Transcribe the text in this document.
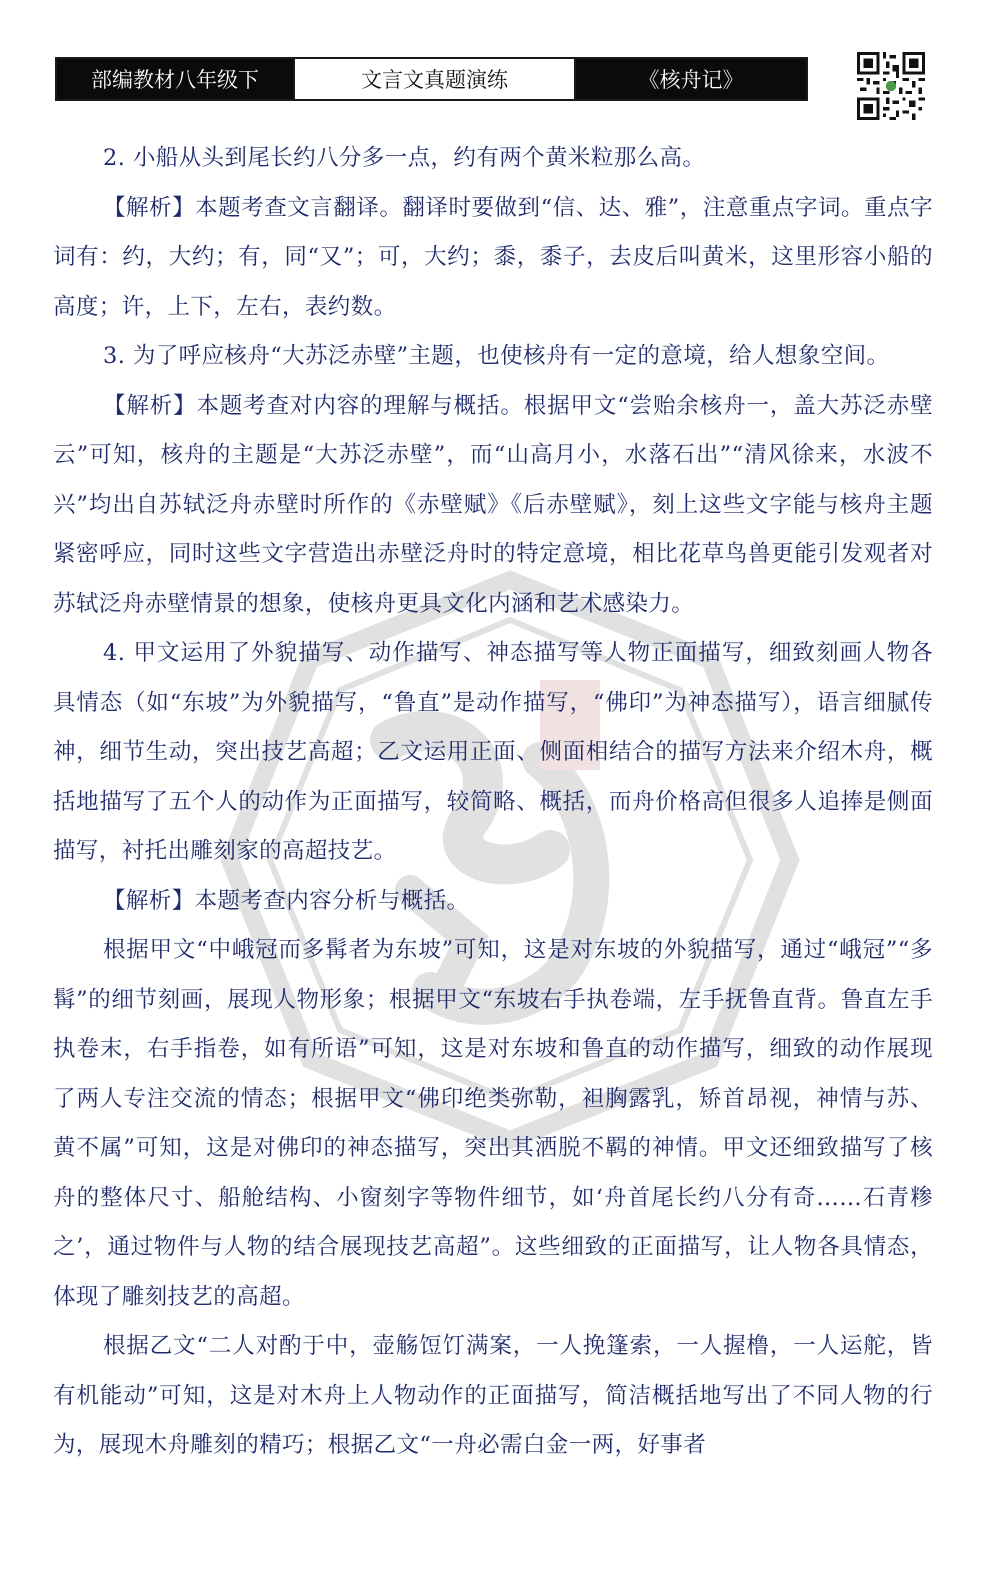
部编教材八年级下	文言文真题演练	《核舟记》

2. 小船从头到尾长约八分多一点，约有两个黄米粒那么高。

【解析】本题考查文言翻译。翻译时要做到“信、达、雅”，注意重点字词。重点字词有：约，大约；有，同“又”；可，大约；黍，黍子，去皮后叫黄米，这里形容小船的高度；许，上下，左右，表约数。

3. 为了呼应核舟“大苏泛赤壁”主题，也使核舟有一定的意境，给人想象空间。

【解析】本题考查对内容的理解与概括。根据甲文“尝贻余核舟一，盖大苏泛赤壁云”可知，核舟的主题是“大苏泛赤壁”，而“山高月小，水落石出”“清风徐来，水波不兴”均出自苏轼泛舟赤壁时所作的《赤壁赋》《后赤壁赋》，刻上这些文字能与核舟主题紧密呼应，同时这些文字营造出赤壁泛舟时的特定意境，相比花草鸟兽更能引发观者对苏轼泛舟赤壁情景的想象，使核舟更具文化内涵和艺术感染力。

4. 甲文运用了外貌描写、动作描写、神态描写等人物正面描写，细致刻画人物各具情态（如“东坡”为外貌描写，“鲁直”是动作描写，“佛印”为神态描写），语言细腻传神，细节生动，突出技艺高超；乙文运用正面、侧面相结合的描写方法来介绍木舟，概括地描写了五个人的动作为正面描写，较简略、概括，而舟价格高但很多人追捧是侧面描写，衬托出雕刻家的高超技艺。

【解析】本题考查内容分析与概括。

根据甲文“中峨冠而多髯者为东坡”可知，这是对东坡的外貌描写，通过“峨冠”“多髯”的细节刻画，展现人物形象；根据甲文“东坡右手执卷端，左手抚鲁直背。鲁直左手执卷末，右手指卷，如有所语”可知，这是对东坡和鲁直的动作描写，细致的动作展现了两人专注交流的情态；根据甲文“佛印绝类弥勒，袒胸露乳，矫首昂视，神情与苏、黄不属”可知，这是对佛印的神态描写，突出其洒脱不羁的神情。甲文还细致描写了核舟的整体尺寸、船舱结构、小窗刻字等物件细节，如‘舟首尾长约八分有奇……石青糁之’，通过物件与人物的结合展现技艺高超”。这些细致的正面描写，让人物各具情态，体现了雕刻技艺的高超。

根据乙文“二人对酌于中，壶觞饾饤满案，一人挽篷索，一人握橹，一人运舵，皆有机能动”可知，这是对木舟上人物动作的正面描写，简洁概括地写出了不同人物的行为，展现木舟雕刻的精巧；根据乙文“一舟必需白金一两，好事者
